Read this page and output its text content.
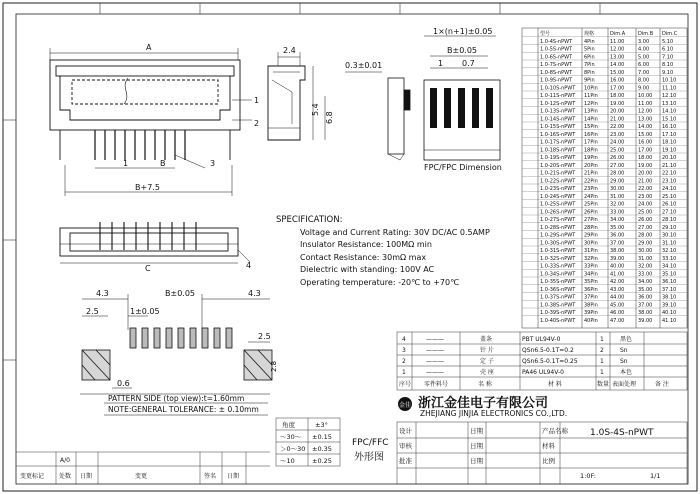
A
1	B
B+7.5
1
2
3
2.4
5.4
6.8
0.3±0.01
1×(n+1)±0.05
B±0.05
1 0.7
FPC/FPC Dimension
C	4
SPECIFICATION:
Voltage and Current Rating: 30V DC/AC 0.5AMP
Insulator Resistance: 100MΩ min
Contact Resistance: 30mΩ max
Dielectric with standing: 100V AC
Operating temperature: -20℃ to +70℃
4.3	B±0.05	4.3
2.5	1±0.05
2.5
0.6
2.8
PATTERN SIDE (top view):t=1.60mm
NOTE:GENERAL TOLERANCE: ± 0.10mm
型号	规格	Dim.A	Dim.B Dim.C
1.0-4S-nPWT 4Pin	11.00	3.00	5.10
1.0-5S-nPWT 5Pin	12.00	4.00	6.10
1.0-6S-nPWT 6Pin	13.00	5.00	7.10
1.0-7S-nPWT 7Pin	14.00	6.00	8.10
1.0-8S-nPWT 8Pin	15.00	7.00	9.10
1.0-9S-nPWT 9Pin	16.00	8.00	10.10
1.0-10S-nPWT 10Pin 17.00	9.00	11.10
1.0-11S-nPWT 11Pin 18.00	10.00 12.10
1.0-12S-nPWT 12Pin 19.00	11.00 13.10
1.0-13S-nPWT 13Pin 20.00	12.00 14.10
1.0-14S-nPWT 14Pin 21.00	13.00 15.10
1.0-15S-nPWT 15Pin 22.00	14.00 16.10
1.0-16S-nPWT 16Pin 23.00	15.00 17.10
1.0-17S-nPWT 17Pin 24.00	16.00 18.10
1.0-18S-nPWT 18Pin 25.00	17.00 19.10
1.0-19S-nPWT 19Pin 26.00	18.00 20.10
1.0-20S-nPWT 20Pin 27.00	19.00 21.10
1.0-21S-nPWT 21Pin 28.00	20.00 22.10
1.0-22S-nPWT 22Pin 29.00	21.00 23.10
1.0-23S-nPWT 23Pin 30.00	22.00 24.10
1.0-24S-nPWT 24Pin 31.00	23.00 25.10
1.0-25S-nPWT 25Pin 32.00	24.00 26.10
1.0-26S-nPWT 26Pin 33.00	25.00 27.10
1.0-27S-nPWT 27Pin 34.00	26.00 28.10
1.0-28S-nPWT 28Pin 35.00	27.00 29.10
1.0-29S-nPWT 29Pin 36.00	28.00 30.10
1.0-30S-nPWT 30Pin 37.00	29.00 31.10
1.0-31S-nPWT 31Pin 38.00	30.00 32.10
1.0-32S-nPWT 32Pin 39.00	31.00 33.10
1.0-33S-nPWT 33Pin 40.00	32.00 34.10
1.0-34S-nPWT 34Pin 41.00	33.00 35.10
1.0-35S-nPWT 35Pin 42.00	34.00 36.10
1.0-36S-nPWT 36Pin 43.00	35.00 37.10
1.0-37S-nPWT 37Pin 44.00	36.00 38.10
1.0-38S-nPWT 38Pin 45.00	37.00 39.10
1.0-39S-nPWT 39Pin 46.00	38.00 40.10
1.0-40S-nPWT 40Pin 47.00	39.00 41.10
4	———	盖条	PBT UL94V-0	1	黑色
3	———	针 片	QSn6.5-0.1T=0.2	2	Sn
2	———	定 子	QSn6.5-0.1T=0.25	1	Sn
1	———	壳 座	PA46 UL94V-0	1	本色
序号 零件料号	名 称	材 料	数量 表面处理	备 注
金佳 浙江金佳电子有限公司
ZHEJIANG JINJIA ELECTRONICS CO.,LTD.
角度	±3°
～30～ ±0.15
＞0～30 ±0.35
～10	±0.25
FPC/FFC
外形图
设计
审核
批准
日期
日期
日期
产品名称
材料
比例
1:0F:	1/1
1.0S-4S-nPWT
A/0
变更标记 处数 日期	变更	签名 日期
